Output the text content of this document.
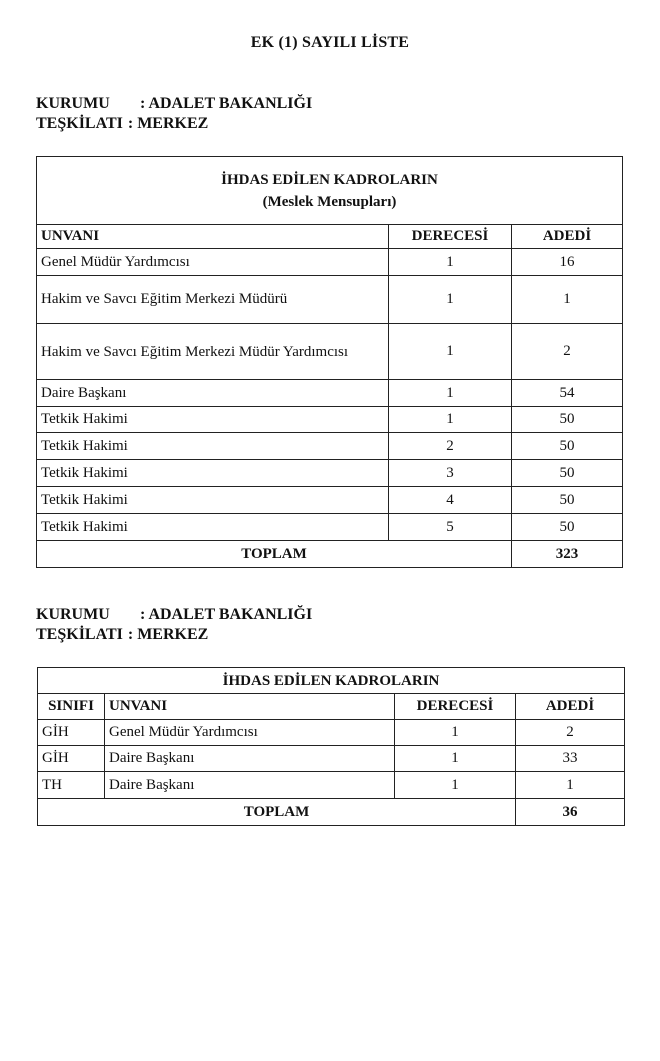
EK (1) SAYILI LİSTE
KURUMU	: ADALET BAKANLIĞI
TEŞKİLATI : MERKEZ
İHDAS EDİLEN KADROLARIN
(Meslek Mensupları)		

UNVANI	DERECESİ	ADEDİ
Genel Müdür Yardımcısı	1	16
Hakim ve Savcı Eğitim Merkezi Müdürü	1	1
Hakim ve Savcı Eğitim Merkezi Müdür Yardımcısı	1	2
Daire Başkanı	1	54
Tetkik Hakimi	1	50
Tetkik Hakimi	2	50
Tetkik Hakimi	3	50
Tetkik Hakimi	4	50
Tetkik Hakimi	5	50
TOPLAM		323
KURUMU	: ADALET BAKANLIĞI
TEŞKİLATI : MERKEZ
İHDAS EDİLEN KADROLARIN			
SINIFI	UNVANI	DERECESİ	ADEDİ
GİH	Genel Müdür Yardımcısı	1	2
GİH	Daire Başkanı	1	33
TH	Daire Başkanı	1	1
TOPLAM			36
